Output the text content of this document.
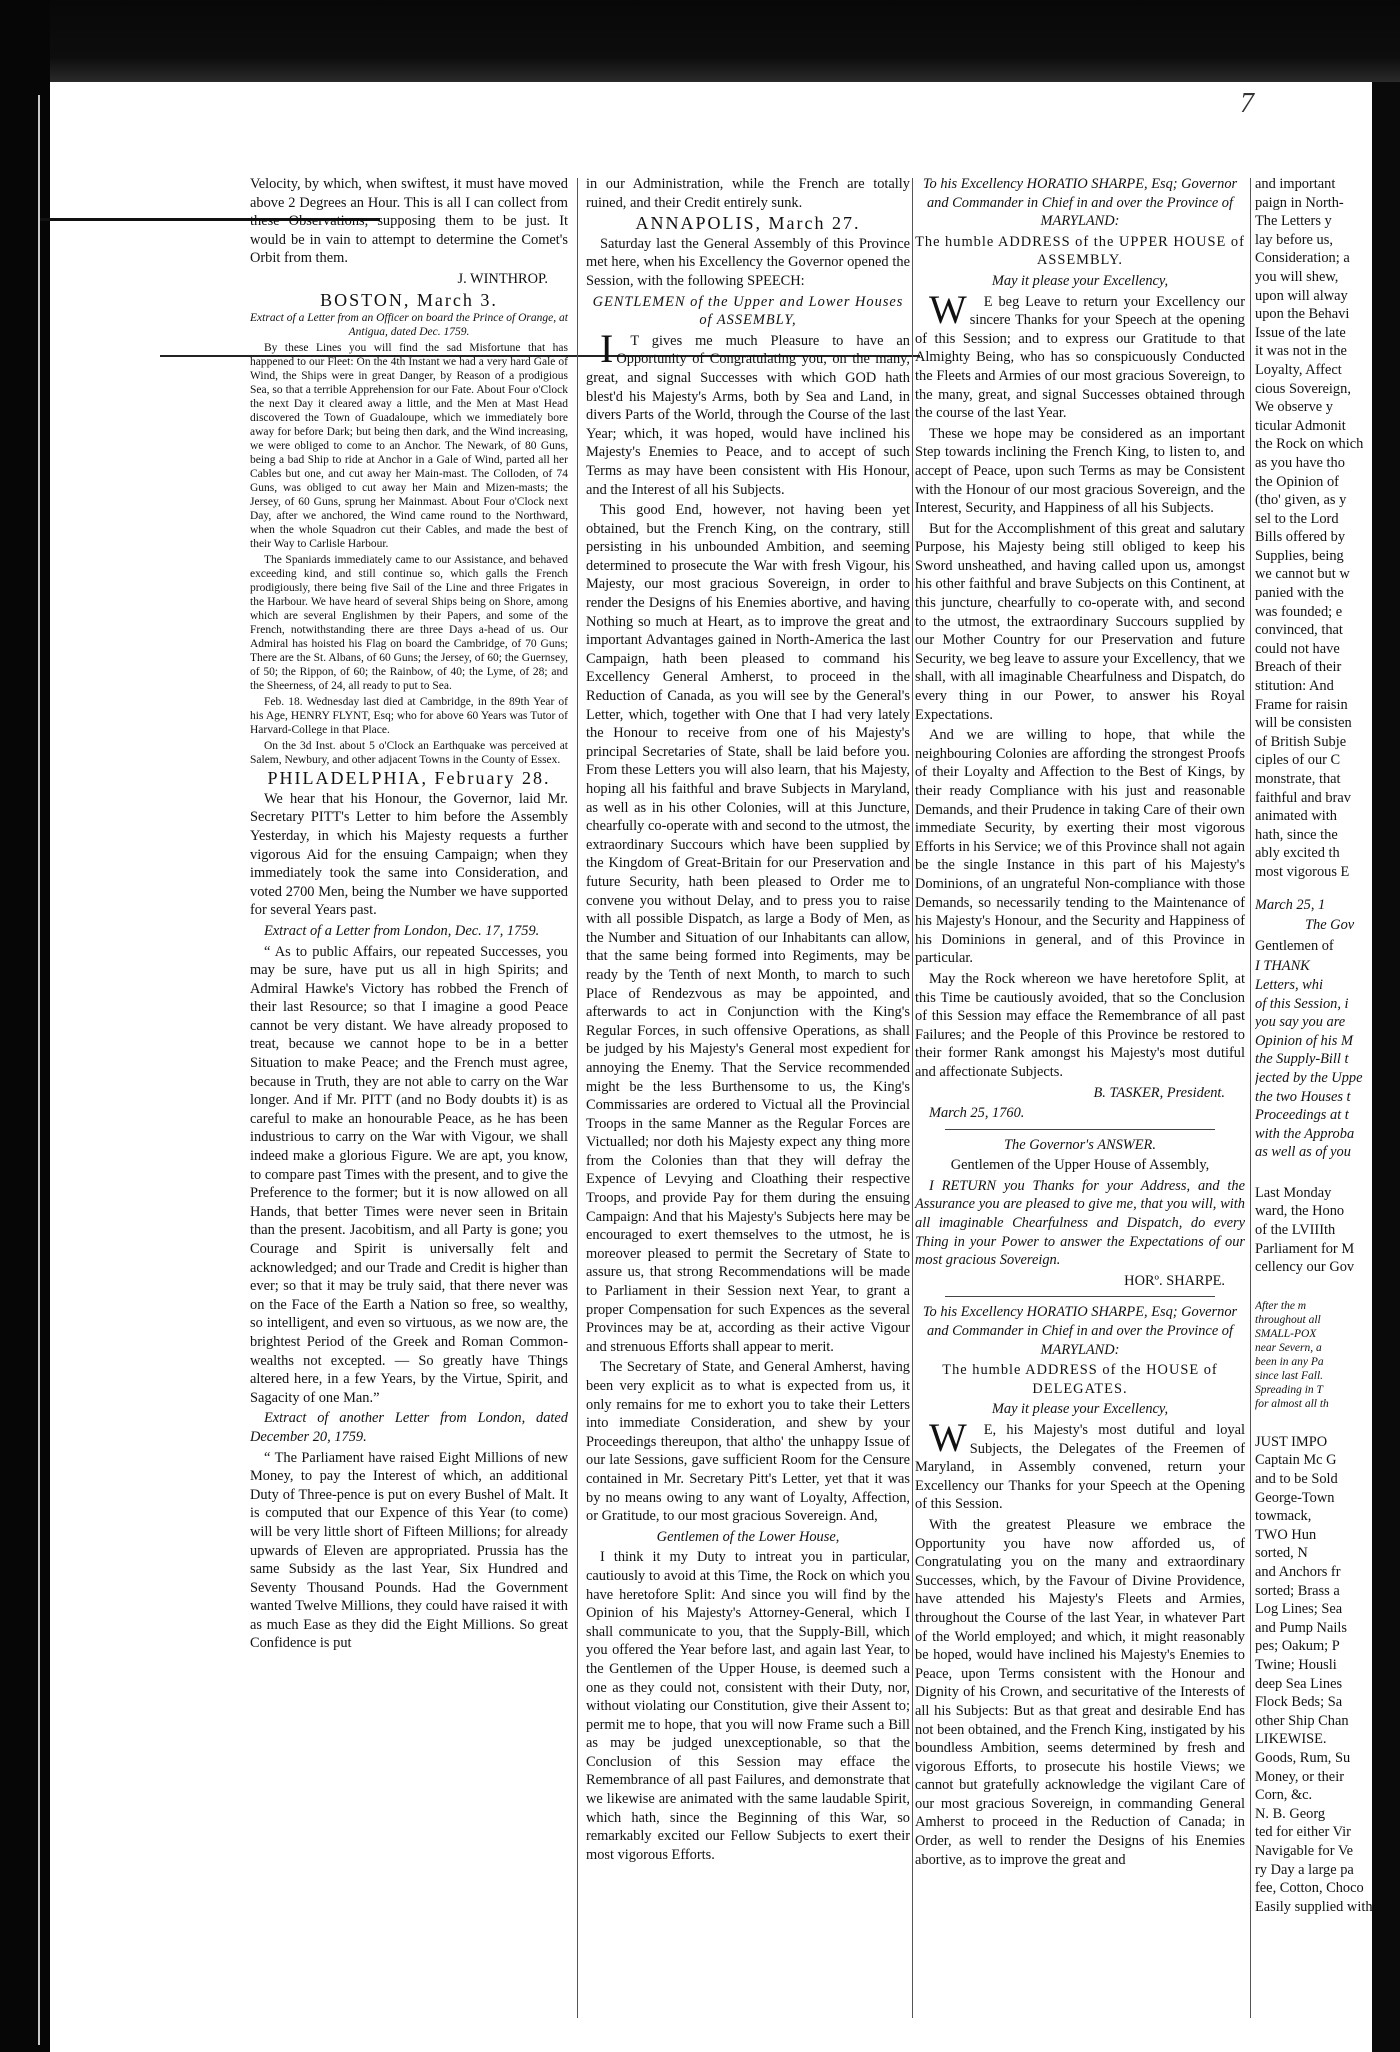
7

Velocity, by which, when swiftest, it must have moved above 2 Degrees an Hour. This is all I can collect from these Observations, supposing them to be just. It would be in vain to attempt to determine the Comet's Orbit from them.

J. WINTHROP.

BOSTON, March 3.

Extract of a Letter from an Officer on board the Prince of Orange, at Antigua, dated Dec. 1759.

By these Lines you will find the sad Misfortune that has happened to our Fleet: On the 4th Instant we had a very hard Gale of Wind, the Ships were in great Danger, by Reason of a prodigious Sea, so that a terrible Apprehension for our Fate. About Four o'Clock the next Day it cleared away a little, and the Men at Mast Head discovered the Town of Guadaloupe, which we immediately bore away for before Dark; but being then dark, and the Wind increasing, we were obliged to come to an Anchor. The Newark, of 80 Guns, being a bad Ship to ride at Anchor in a Gale of Wind, parted all her Cables but one, and cut away her Main-mast. The Colloden, of 74 Guns, was obliged to cut away her Main and Mizen-masts; the Jersey, of 60 Guns, sprung her Mainmast. About Four o'Clock next Day, after we anchored, the Wind came round to the Northward, when the whole Squadron cut their Cables, and made the best of their Way to Carlisle Harbour.

The Spaniards immediately came to our Assistance, and behaved exceeding kind, and still continue so, which galls the French prodigiously, there being five Sail of the Line and three Frigates in the Harbour. We have heard of several Ships being on Shore, among which are several Englishmen by their Papers, and some of the French, notwithstanding there are three Days a-head of us. Our Admiral has hoisted his Flag on board the Cambridge, of 70 Guns; There are the St. Albans, of 60 Guns; the Jersey, of 60; the Guernsey, of 50; the Rippon, of 60; the Rainbow, of 40; the Lyme, of 28; and the Sheerness, of 24, all ready to put to Sea.

Feb. 18. Wednesday last died at Cambridge, in the 89th Year of his Age, HENRY FLYNT, Esq; who for above 60 Years was Tutor of Harvard-College in that Place.

On the 3d Inst. about 5 o'Clock an Earthquake was perceived at Salem, Newbury, and other adjacent Towns in the County of Essex.

PHILADELPHIA, February 28.

We hear that his Honour, the Governor, laid Mr. Secretary PITT's Letter to him before the Assembly Yesterday, in which his Majesty requests a further vigorous Aid for the ensuing Campaign; when they immediately took the same into Consideration, and voted 2700 Men, being the Number we have supported for several Years past.

Extract of a Letter from London, Dec. 17, 1759.

“ As to public Affairs, our repeated Successes, you may be sure, have put us all in high Spirits; and Admiral Hawke's Victory has robbed the French of their last Resource; so that I imagine a good Peace cannot be very distant. We have already proposed to treat, because we cannot hope to be in a better Situation to make Peace; and the French must agree, because in Truth, they are not able to carry on the War longer. And if Mr. PITT (and no Body doubts it) is as careful to make an honourable Peace, as he has been industrious to carry on the War with Vigour, we shall indeed make a glorious Figure. We are apt, you know, to compare past Times with the present, and to give the Preference to the former; but it is now allowed on all Hands, that better Times were never seen in Britain than the present. Jacobitism, and all Party is gone; you Courage and Spirit is universally felt and acknowledged; and our Trade and Credit is higher than ever; so that it may be truly said, that there never was on the Face of the Earth a Nation so free, so wealthy, so intelligent, and even so virtuous, as we now are, the brightest Period of the Greek and Roman Common-wealths not excepted. — So greatly have Things altered here, in a few Years, by the Virtue, Spirit, and Sagacity of one Man.”

Extract of another Letter from London, dated December 20, 1759.

“ The Parliament have raised Eight Millions of new Money, to pay the Interest of which, an additional Duty of Three-pence is put on every Bushel of Malt. It is computed that our Expence of this Year (to come) will be very little short of Fifteen Millions; for already upwards of Eleven are appropriated. Prussia has the same Subsidy as the last Year, Six Hundred and Seventy Thousand Pounds. Had the Government wanted Twelve Millions, they could have raised it with as much Ease as they did the Eight Millions. So great Confidence is put

in our Administration, while the French are totally ruined, and their Credit entirely sunk.

ANNAPOLIS, March 27.

Saturday last the General Assembly of this Province met here, when his Excellency the Governor opened the Session, with the following SPEECH:

GENTLEMEN of the Upper and Lower Houses of ASSEMBLY,

IT gives me much Pleasure to have an Opportunity of Congratulating you, on the many, great, and signal Successes with which GOD hath blest'd his Majesty's Arms, both by Sea and Land, in divers Parts of the World, through the Course of the last Year; which, it was hoped, would have inclined his Majesty's Enemies to Peace, and to accept of such Terms as may have been consistent with His Honour, and the Interest of all his Subjects.

This good End, however, not having been yet obtained, but the French King, on the contrary, still persisting in his unbounded Ambition, and seeming determined to prosecute the War with fresh Vigour, his Majesty, our most gracious Sovereign, in order to render the Designs of his Enemies abortive, and having Nothing so much at Heart, as to improve the great and important Advantages gained in North-America the last Campaign, hath been pleased to command his Excellency General Amherst, to proceed in the Reduction of Canada, as you will see by the General's Letter, which, together with One that I had very lately the Honour to receive from one of his Majesty's principal Secretaries of State, shall be laid before you. From these Letters you will also learn, that his Majesty, hoping all his faithful and brave Subjects in Maryland, as well as in his other Colonies, will at this Juncture, chearfully co-operate with and second to the utmost, the extraordinary Succours which have been supplied by the Kingdom of Great-Britain for our Preservation and future Security, hath been pleased to Order me to convene you without Delay, and to press you to raise with all possible Dispatch, as large a Body of Men, as the Number and Situation of our Inhabitants can allow, that the same being formed into Regiments, may be ready by the Tenth of next Month, to march to such Place of Rendezvous as may be appointed, and afterwards to act in Conjunction with the King's Regular Forces, in such offensive Operations, as shall be judged by his Majesty's General most expedient for annoying the Enemy. That the Service recommended might be the less Burthensome to us, the King's Commissaries are ordered to Victual all the Provincial Troops in the same Manner as the Regular Forces are Victualled; nor doth his Majesty expect any thing more from the Colonies than that they will defray the Expence of Levying and Cloathing their respective Troops, and provide Pay for them during the ensuing Campaign: And that his Majesty's Subjects here may be encouraged to exert themselves to the utmost, he is moreover pleased to permit the Secretary of State to assure us, that strong Recommendations will be made to Parliament in their Session next Year, to grant a proper Compensation for such Expences as the several Provinces may be at, according as their active Vigour and strenuous Efforts shall appear to merit.

The Secretary of State, and General Amherst, having been very explicit as to what is expected from us, it only remains for me to exhort you to take their Letters into immediate Consideration, and shew by your Proceedings thereupon, that altho' the unhappy Issue of our late Sessions, gave sufficient Room for the Censure contained in Mr. Secretary Pitt's Letter, yet that it was by no means owing to any want of Loyalty, Affection, or Gratitude, to our most gracious Sovereign. And,

Gentlemen of the Lower House,

I think it my Duty to intreat you in particular, cautiously to avoid at this Time, the Rock on which you have heretofore Split: And since you will find by the Opinion of his Majesty's Attorney-General, which I shall communicate to you, that the Supply-Bill, which you offered the Year before last, and again last Year, to the Gentlemen of the Upper House, is deemed such a one as they could not, consistent with their Duty, nor, without violating our Constitution, give their Assent to; permit me to hope, that you will now Frame such a Bill as may be judged unexceptionable, so that the Conclusion of this Session may efface the Remembrance of all past Failures, and demonstrate that we likewise are animated with the same laudable Spirit, which hath, since the Beginning of this War, so remarkably excited our Fellow Subjects to exert their most vigorous Efforts.

To his Excellency HORATIO SHARPE, Esq; Governor and Commander in Chief in and over the Province of MARYLAND:

The humble ADDRESS of the UPPER HOUSE of ASSEMBLY.

May it please your Excellency,

WE beg Leave to return your Excellency our sincere Thanks for your Speech at the opening of this Session; and to express our Gratitude to that Almighty Being, who has so conspicuously Conducted the Fleets and Armies of our most gracious Sovereign, to the many, great, and signal Successes obtained through the course of the last Year.

These we hope may be considered as an important Step towards inclining the French King, to listen to, and accept of Peace, upon such Terms as may be Consistent with the Honour of our most gracious Sovereign, and the Interest, Security, and Happiness of all his Subjects.

But for the Accomplishment of this great and salutary Purpose, his Majesty being still obliged to keep his Sword unsheathed, and having called upon us, amongst his other faithful and brave Subjects on this Continent, at this juncture, chearfully to co-operate with, and second to the utmost, the extraordinary Succours supplied by our Mother Country for our Preservation and future Security, we beg leave to assure your Excellency, that we shall, with all imaginable Chearfulness and Dispatch, do every thing in our Power, to answer his Royal Expectations.

And we are willing to hope, that while the neighbouring Colonies are affording the strongest Proofs of their Loyalty and Affection to the Best of Kings, by their ready Compliance with his just and reasonable Demands, and their Prudence in taking Care of their own immediate Security, by exerting their most vigorous Efforts in his Service; we of this Province shall not again be the single Instance in this part of his Majesty's Dominions, of an ungrateful Non-compliance with those Demands, so necessarily tending to the Maintenance of his Majesty's Honour, and the Security and Happiness of his Dominions in general, and of this Province in particular.

May the Rock whereon we have heretofore Split, at this Time be cautiously avoided, that so the Conclusion of this Session may efface the Remembrance of all past Failures; and the People of this Province be restored to their former Rank amongst his Majesty's most dutiful and affectionate Subjects.

B. TASKER, President.

March 25, 1760.

The Governor's ANSWER.

Gentlemen of the Upper House of Assembly,

I RETURN you Thanks for your Address, and the Assurance you are pleased to give me, that you will, with all imaginable Chearfulness and Dispatch, do every Thing in your Power to answer the Expectations of our most gracious Sovereign.

HORº. SHARPE.

To his Excellency HORATIO SHARPE, Esq; Governor and Commander in Chief in and over the Province of MARYLAND:

The humble ADDRESS of the HOUSE of DELEGATES.

May it please your Excellency,

WE, his Majesty's most dutiful and loyal Subjects, the Delegates of the Freemen of Maryland, in Assembly convened, return your Excellency our Thanks for your Speech at the Opening of this Session.

With the greatest Pleasure we embrace the Opportunity you have now afforded us, of Congratulating you on the many and extraordinary Successes, which, by the Favour of Divine Providence, have attended his Majesty's Fleets and Armies, throughout the Course of the last Year, in whatever Part of the World employed; and which, it might reasonably be hoped, would have inclined his Majesty's Enemies to Peace, upon Terms consistent with the Honour and Dignity of his Crown, and securitative of the Interests of all his Subjects: But as that great and desirable End has not been obtained, and the French King, instigated by his boundless Ambition, seems determined by fresh and vigorous Efforts, to prosecute his hostile Views; we cannot but gratefully acknowledge the vigilant Care of our most gracious Sovereign, in commanding General Amherst to proceed in the Reduction of Canada; in Order, as well to render the Designs of his Enemies abortive, as to improve the great and

and important
paign in North-
The Letters y
lay before us,
Consideration; a
you will shew,
upon will alway
upon the Behavi
Issue of the late
it was not in the
Loyalty, Affect
cious Sovereign,
We observe y
ticular Admonit
the Rock on which
as you have tho
the Opinion of
(tho' given, as y
sel to the Lord
Bills offered by
Supplies, being
we cannot but w
panied with the
was founded; e
convinced, that
could not have
Breach of their
stitution: And
Frame for raisin
will be consisten
of British Subje
ciples of our C
monstrate, that
faithful and brav
animated with
hath, since the
ably excited th
most vigorous E

March 25, 1

The Gov

Gentlemen of

I THANK
Letters, whi
of this Session, i
you say you are
Opinion of his M
the Supply-Bill t
jected by the Uppe
the two Houses t
Proceedings at t
with the Approba
as well as of you
Last Monday
ward, the Hono
of the LVIIIth
Parliament for M
cellency our Gov
After the m
throughout all
SMALL-POX
near Severn, a
been in any Pa
since last Fall.
Spreading in T
for almost all th
JUST IMPO
Captain Mc G
and to be Sold
George-Town
towmack,
TWO Hun
sorted, N
and Anchors fr
sorted; Brass a
Log Lines; Sea
and Pump Nails
pes; Oakum; P
Twine; Housli
deep Sea Lines
Flock Beds; Sa
other Ship Chan
LIKEWISE.
Goods, Rum, Su
Money, or their
Corn, &c.
N. B. Georg
ted for either Vir
Navigable for Ve
ry Day a large pa
fee, Cotton, Choco
Easily supplied with
